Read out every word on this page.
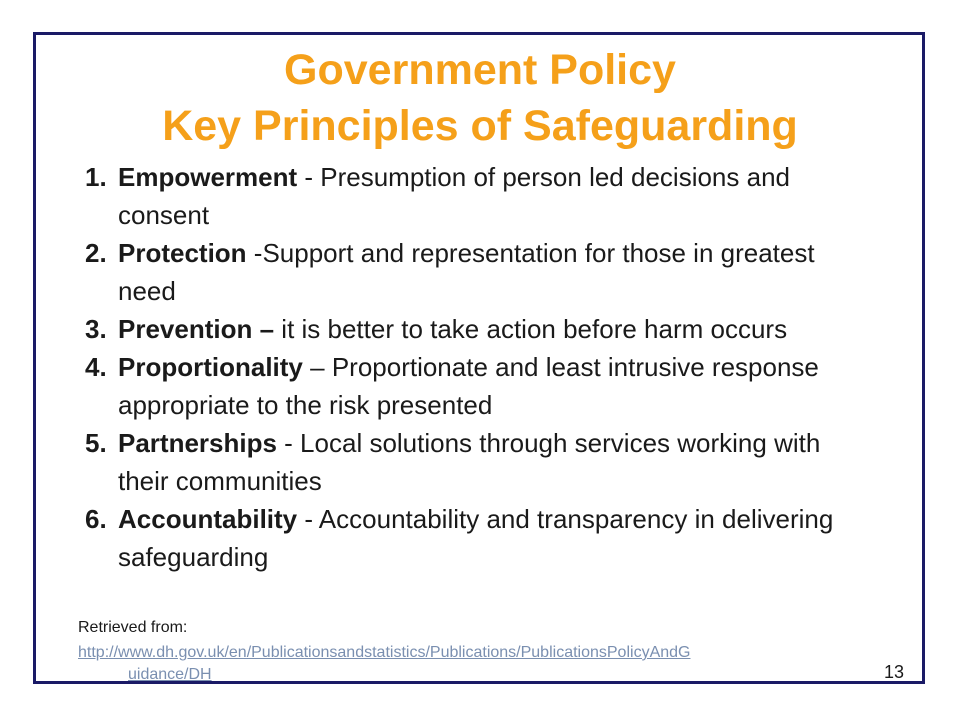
Government Policy
Key Principles of Safeguarding
1. Empowerment - Presumption of person led decisions and consent
2. Protection -Support and representation for those in greatest need
3. Prevention – it is better to take action before harm occurs
4. Proportionality – Proportionate and least intrusive response appropriate to the risk presented
5. Partnerships - Local solutions through services working with their communities
6. Accountability - Accountability and transparency in delivering safeguarding

Retrieved from:

http://www.dh.gov.uk/en/Publicationsandstatistics/Publications/PublicationsPolicyAndG
uidance/DH	13
